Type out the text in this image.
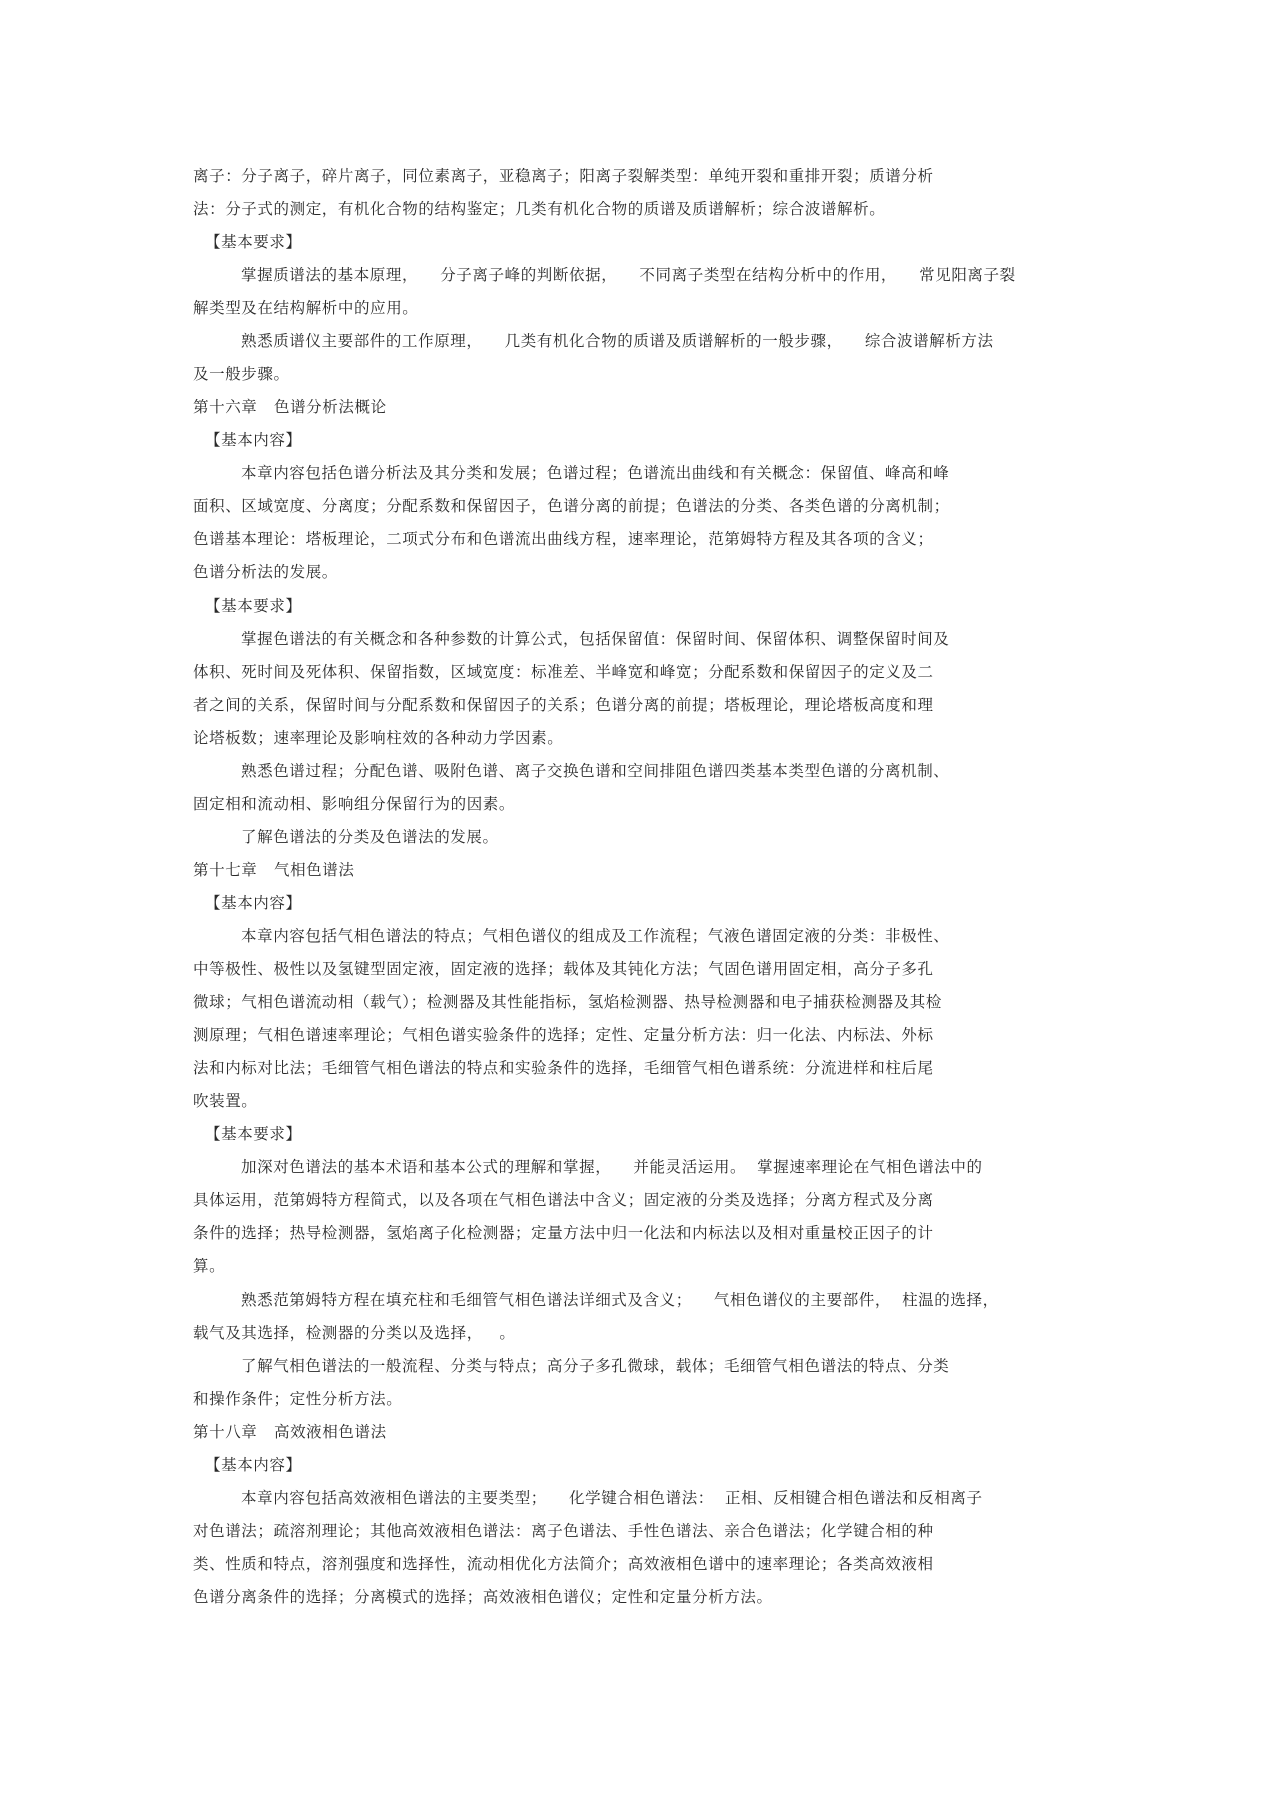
离子：分子离子，碎片离子，同位素离子，亚稳离子；阳离子裂解类型：单纯开裂和重排开裂；质谱分析
法：分子式的测定，有机化合物的结构鉴定；几类有机化合物的质谱及质谱解析；综合波谱解析。
【基本要求】
掌握质谱法的基本原理，    分子离子峰的判断依据，    不同离子类型在结构分析中的作用，    常见阳离子裂
解类型及在结构解析中的应用。
熟悉质谱仪主要部件的工作原理，    几类有机化合物的质谱及质谱解析的一般步骤，    综合波谱解析方法
及一般步骤。
第十六章   色谱分析法概论
【基本内容】
本章内容包括色谱分析法及其分类和发展；色谱过程；色谱流出曲线和有关概念：保留值、峰高和峰
面积、区域宽度、分离度；分配系数和保留因子，色谱分离的前提；色谱法的分类、各类色谱的分离机制；
色谱基本理论：塔板理论，二项式分布和色谱流出曲线方程，速率理论，范第姆特方程及其各项的含义；
色谱分析法的发展。
【基本要求】
掌握色谱法的有关概念和各种参数的计算公式，包括保留值：保留时间、保留体积、调整保留时间及
体积、死时间及死体积、保留指数，区域宽度：标准差、半峰宽和峰宽；分配系数和保留因子的定义及二
者之间的关系，保留时间与分配系数和保留因子的关系；色谱分离的前提；塔板理论，理论塔板高度和理
论塔板数；速率理论及影响柱效的各种动力学因素。
熟悉色谱过程；分配色谱、吸附色谱、离子交换色谱和空间排阻色谱四类基本类型色谱的分离机制、
固定相和流动相、影响组分保留行为的因素。
了解色谱法的分类及色谱法的发展。
第十七章   气相色谱法
【基本内容】
本章内容包括气相色谱法的特点；气相色谱仪的组成及工作流程；气液色谱固定液的分类：非极性、
中等极性、极性以及氢键型固定液，固定液的选择；载体及其钝化方法；气固色谱用固定相，高分子多孔
微球；气相色谱流动相（载气）；检测器及其性能指标，氢焰检测器、热导检测器和电子捕获检测器及其检
测原理；气相色谱速率理论；气相色谱实验条件的选择；定性、定量分析方法：归一化法、内标法、外标
法和内标对比法；毛细管气相色谱法的特点和实验条件的选择，毛细管气相色谱系统：分流进样和柱后尾
吹装置。
【基本要求】
加深对色谱法的基本术语和基本公式的理解和掌握，    并能灵活运用。  掌握速率理论在气相色谱法中的
具体运用，范第姆特方程简式，以及各项在气相色谱法中含义；固定液的分类及选择；分离方程式及分离
条件的选择；热导检测器，氢焰离子化检测器；定量方法中归一化法和内标法以及相对重量校正因子的计
算。
熟悉范第姆特方程在填充柱和毛细管气相色谱法详细式及含义；    气相色谱仪的主要部件，  柱温的选择，
载气及其选择，检测器的分类以及选择，   。
了解气相色谱法的一般流程、分类与特点；高分子多孔微球，载体；毛细管气相色谱法的特点、分类
和操作条件；定性分析方法。
第十八章   高效液相色谱法
【基本内容】
本章内容包括高效液相色谱法的主要类型；    化学键合相色谱法：  正相、反相键合相色谱法和反相离子
对色谱法；疏溶剂理论；其他高效液相色谱法：离子色谱法、手性色谱法、亲合色谱法；化学键合相的种
类、性质和特点，溶剂强度和选择性，流动相优化方法简介；高效液相色谱中的速率理论；各类高效液相
色谱分离条件的选择；分离模式的选择；高效液相色谱仪；定性和定量分析方法。
